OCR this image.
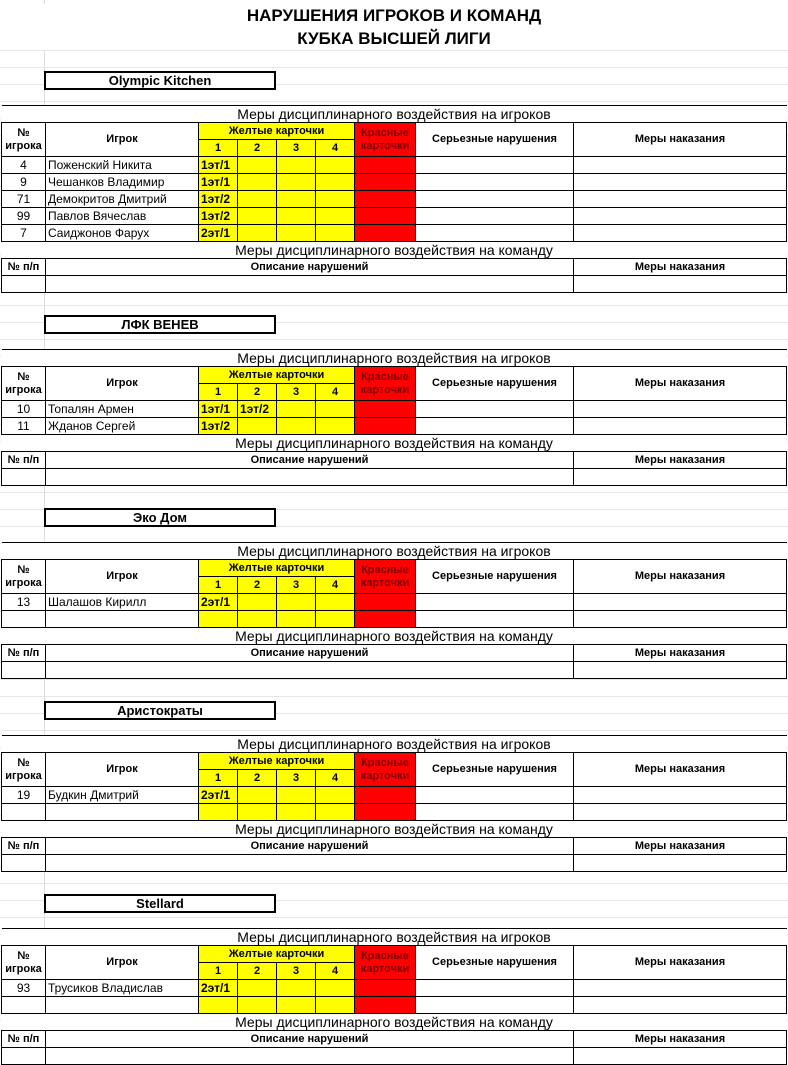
НАРУШЕНИЯ ИГРОКОВ И КОМАНД
КУБКА ВЫСШЕЙ ЛИГИ
Olympic Kitchen
Меры дисциплинарного воздействия на игроков								

№
игрока	Игрок	Желтые карточки				Красные карточки	Серьезные нарушения	Меры наказания
		1	2	3	4			
4	Поженский Никита	1эт/1						
9	Чешанков Владимир	1эт/1						
71	Демокритов Дмитрий	1эт/2						
99	Павлов Вячеслав	1эт/2						
7	Саиджонов Фарух	2эт/1						
Меры дисциплинарного воздействия на команду								
№ п/п	Описание нарушений							Меры наказания

ЛФК ВЕНЕВ
Меры дисциплинарного воздействия на игроков								

№
игрока	Игрок	Желтые карточки				Красные карточки	Серьезные нарушения	Меры наказания
		1	2	3	4			
10	Топалян Армен	1эт/1	1эт/2					
11	Жданов Сергей	1эт/2						
Меры дисциплинарного воздействия на команду								
№ п/п	Описание нарушений							Меры наказания

Эко Дом
Меры дисциплинарного воздействия на игроков								

№
игрока	Игрок	Желтые карточки				Красные карточки	Серьезные нарушения	Меры наказания
		1	2	3	4			
13	Шалашов Кирилл	2эт/1						

Меры дисциплинарного воздействия на команду								
№ п/п	Описание нарушений							Меры наказания

Аристократы
Меры дисциплинарного воздействия на игроков								

№
игрока	Игрок	Желтые карточки				Красные карточки	Серьезные нарушения	Меры наказания
		1	2	3	4			
19	Будкин Дмитрий	2эт/1						

Меры дисциплинарного воздействия на команду								
№ п/п	Описание нарушений							Меры наказания

Stellard
Меры дисциплинарного воздействия на игроков								

№
игрока	Игрок	Желтые карточки				Красные карточки	Серьезные нарушения	Меры наказания
		1	2	3	4			
93	Трусиков Владислав	2эт/1						

Меры дисциплинарного воздействия на команду								
№ п/п	Описание нарушений							Меры наказания
